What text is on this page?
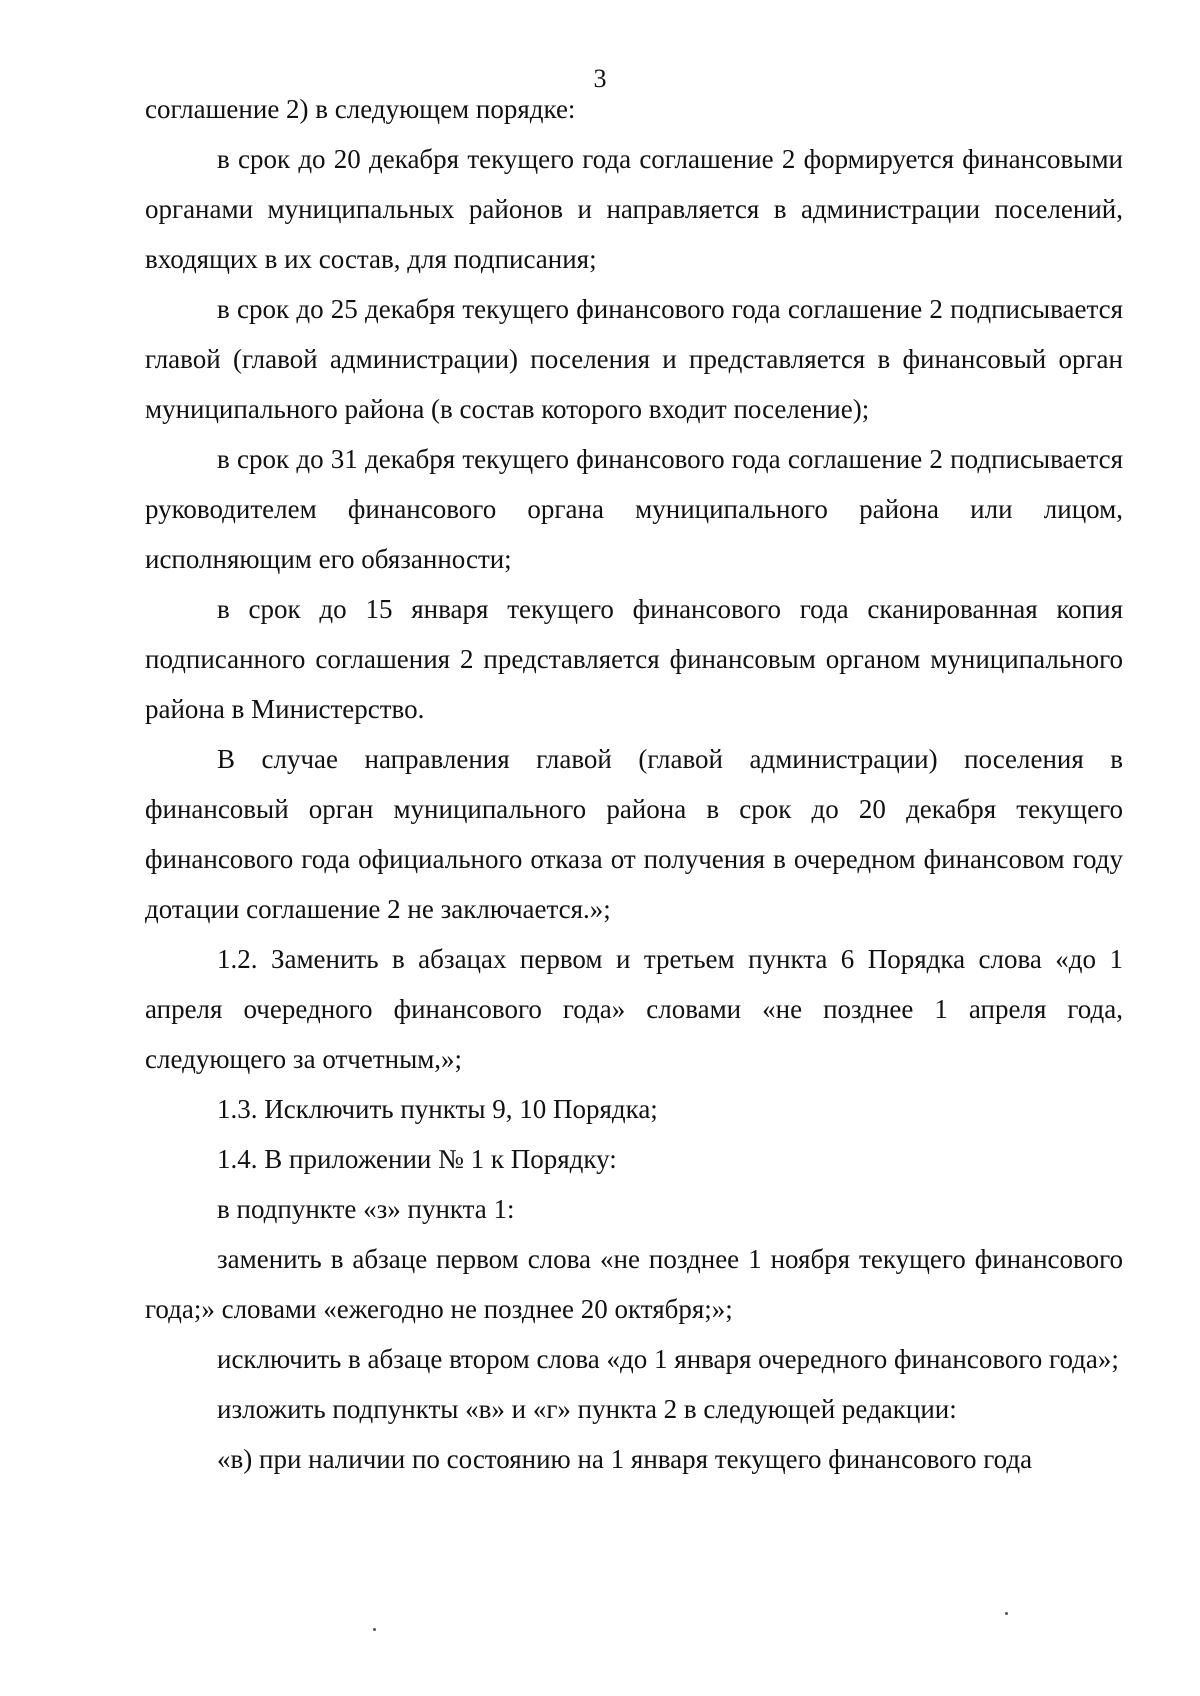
3

соглашение 2) в следующем порядке:

в срок до 20 декабря текущего года соглашение 2 формируется финансовыми органами муниципальных районов и направляется в администрации поселений, входящих в их состав, для подписания;

в срок до 25 декабря текущего финансового года соглашение 2 подписывается главой (главой администрации) поселения и представляется в финансовый орган муниципального района (в состав которого входит поселение);

в срок до 31 декабря текущего финансового года соглашение 2 подписывается руководителем финансового органа муниципального района или лицом, исполняющим его обязанности;

в срок до 15 января текущего финансового года сканированная копия подписанного соглашения 2 представляется финансовым органом муниципального района в Министерство.

В случае направления главой (главой администрации) поселения в финансовый орган муниципального района в срок до 20 декабря текущего финансового года официального отказа от получения в очередном финансовом году дотации соглашение 2 не заключается.»;

1.2. Заменить в абзацах первом и третьем пункта 6 Порядка слова «до 1 апреля очередного финансового года» словами «не позднее 1 апреля года, следующего за отчетным,»;

1.3. Исключить пункты 9, 10 Порядка;

1.4. В приложении № 1 к Порядку:

в подпункте «з» пункта 1:

заменить в абзаце первом слова «не позднее 1 ноября текущего финансового года;» словами «ежегодно не позднее 20 октября;»;

исключить в абзаце втором слова «до 1 января очередного финансового года»;

изложить подпункты «в» и «г» пункта 2 в следующей редакции:

«в) при наличии по состоянию на 1 января текущего финансового года
